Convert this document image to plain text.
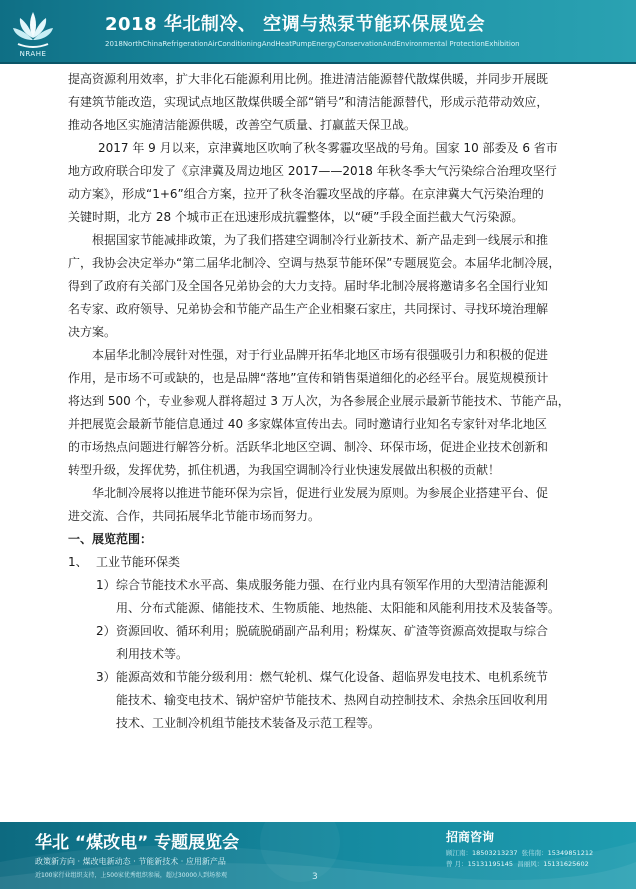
NRAHE
2018 华北制冷、 空调与热泵节能环保展览会
2018NorthChinaRefrigerationAirConditioningAndHeatPumpEnergyConservationAndEnvironmental ProtectionExhibition

提高资源利用效率，扩大非化石能源利用比例。推进清洁能源替代散煤供暖，并同步开展既
有建筑节能改造，实现试点地区散煤供暖全部“销号”和清洁能源替代，形成示范带动效应，
推动各地区实施清洁能源供暖，改善空气质量、打赢蓝天保卫战。

2017 年 9 月以来，京津冀地区吹响了秋冬雾霾攻坚战的号角。国家 10 部委及 6 省市
地方政府联合印发了《京津冀及周边地区 2017——2018 年秋冬季大气污染综合治理攻坚行
动方案》，形成“1+6”组合方案，拉开了秋冬治霾攻坚战的序幕。在京津冀大气污染治理的
关键时期，北方 28 个城市正在迅速形成抗霾整体，以“硬”手段全面拦截大气污染源。

根据国家节能减排政策，为了我们搭建空调制冷行业新技术、新产品走到一线展示和推
广，我协会决定举办“第二届华北制冷、空调与热泵节能环保”专题展览会。本届华北制冷展，
得到了政府有关部门及全国各兄弟协会的大力支持。届时华北制冷展将邀请多名全国行业知
名专家、政府领导、兄弟协会和节能产品生产企业相聚石家庄，共同探讨、寻找环境治理解
决方案。

本届华北制冷展针对性强，对于行业品牌开拓华北地区市场有很强吸引力和积极的促进
作用，是市场不可或缺的，也是品牌“落地”宣传和销售渠道细化的必经平台。展览规模预计
将达到 500 个，专业参观人群将超过 3 万人次，为各参展企业展示最新节能技术、节能产品，
并把展览会最新节能信息通过 40 多家媒体宣传出去。同时邀请行业知名专家针对华北地区
的市场热点问题进行解答分析。活跃华北地区空调、制冷、环保市场，促进企业技术创新和
转型升级，发挥优势，抓住机遇，为我国空调制冷行业快速发展做出积极的贡献！

华北制冷展将以推进节能环保为宗旨，促进行业发展为原则。为参展企业搭建平台、促
进交流、合作，共同拓展华北节能市场而努力。

一、展览范围：

1、 工业节能环保类

1） 综合节能技术水平高、集成服务能力强、在行业内具有领军作用的大型清洁能源利
用、分布式能源、储能技术、生物质能、地热能、太阳能和风能利用技术及装备等。

2） 资源回收、循环利用；脱硫脱硝副产品利用；粉煤灰、矿渣等资源高效提取与综合
利用技术等。

3） 能源高效和节能分级利用：燃气轮机、煤气化设备、超临界发电技术、电机系统节
能技术、输变电技术、锅炉窑炉节能技术、热网自动控制技术、余热余压回收利用
技术、工业制冷机组节能技术装备及示范工程等。

华北 “煤改电” 专题展览会
政策新方向 · 煤改电新动态 · 节能新技术 · 应用新产品
近100家行业组织支持，上500家优秀组织参展，超过30000人到场参观
招商咨询
顾江南：18503213237 张伟南：15349851212
曾 月：15131195145 昌丽风：15131625602
3
